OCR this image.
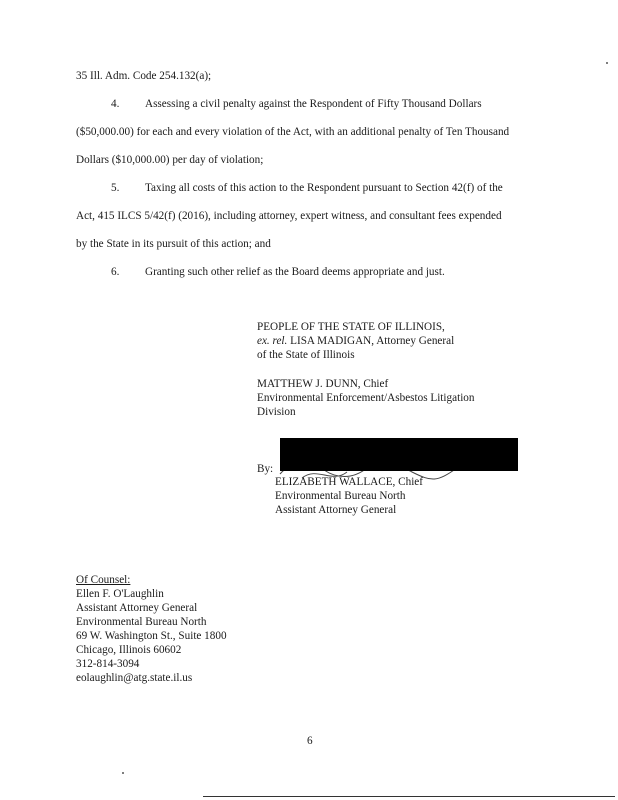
35 Ill. Adm. Code 254.132(a);
4. Assessing a civil penalty against the Respondent of Fifty Thousand Dollars
($50,000.00) for each and every violation of the Act, with an additional penalty of Ten Thousand
Dollars ($10,000.00) per day of violation;
5. Taxing all costs of this action to the Respondent pursuant to Section 42(f) of the
Act, 415 ILCS 5/42(f) (2016), including attorney, expert witness, and consultant fees expended
by the State in its pursuit of this action; and
6. Granting such other relief as the Board deems appropriate and just.
PEOPLE OF THE STATE OF ILLINOIS,
ex. rel. LISA MADIGAN, Attorney General
of the State of Illinois
MATTHEW J. DUNN, Chief
Environmental Enforcement/Asbestos Litigation
Division
By:
ELIZABETH WALLACE, Chief
Environmental Bureau North
Assistant Attorney General
Of Counsel:
Ellen F. O'Laughlin
Assistant Attorney General
Environmental Bureau North
69 W. Washington St., Suite 1800
Chicago, Illinois 60602
312-814-3094
eolaughlin@atg.state.il.us
6
